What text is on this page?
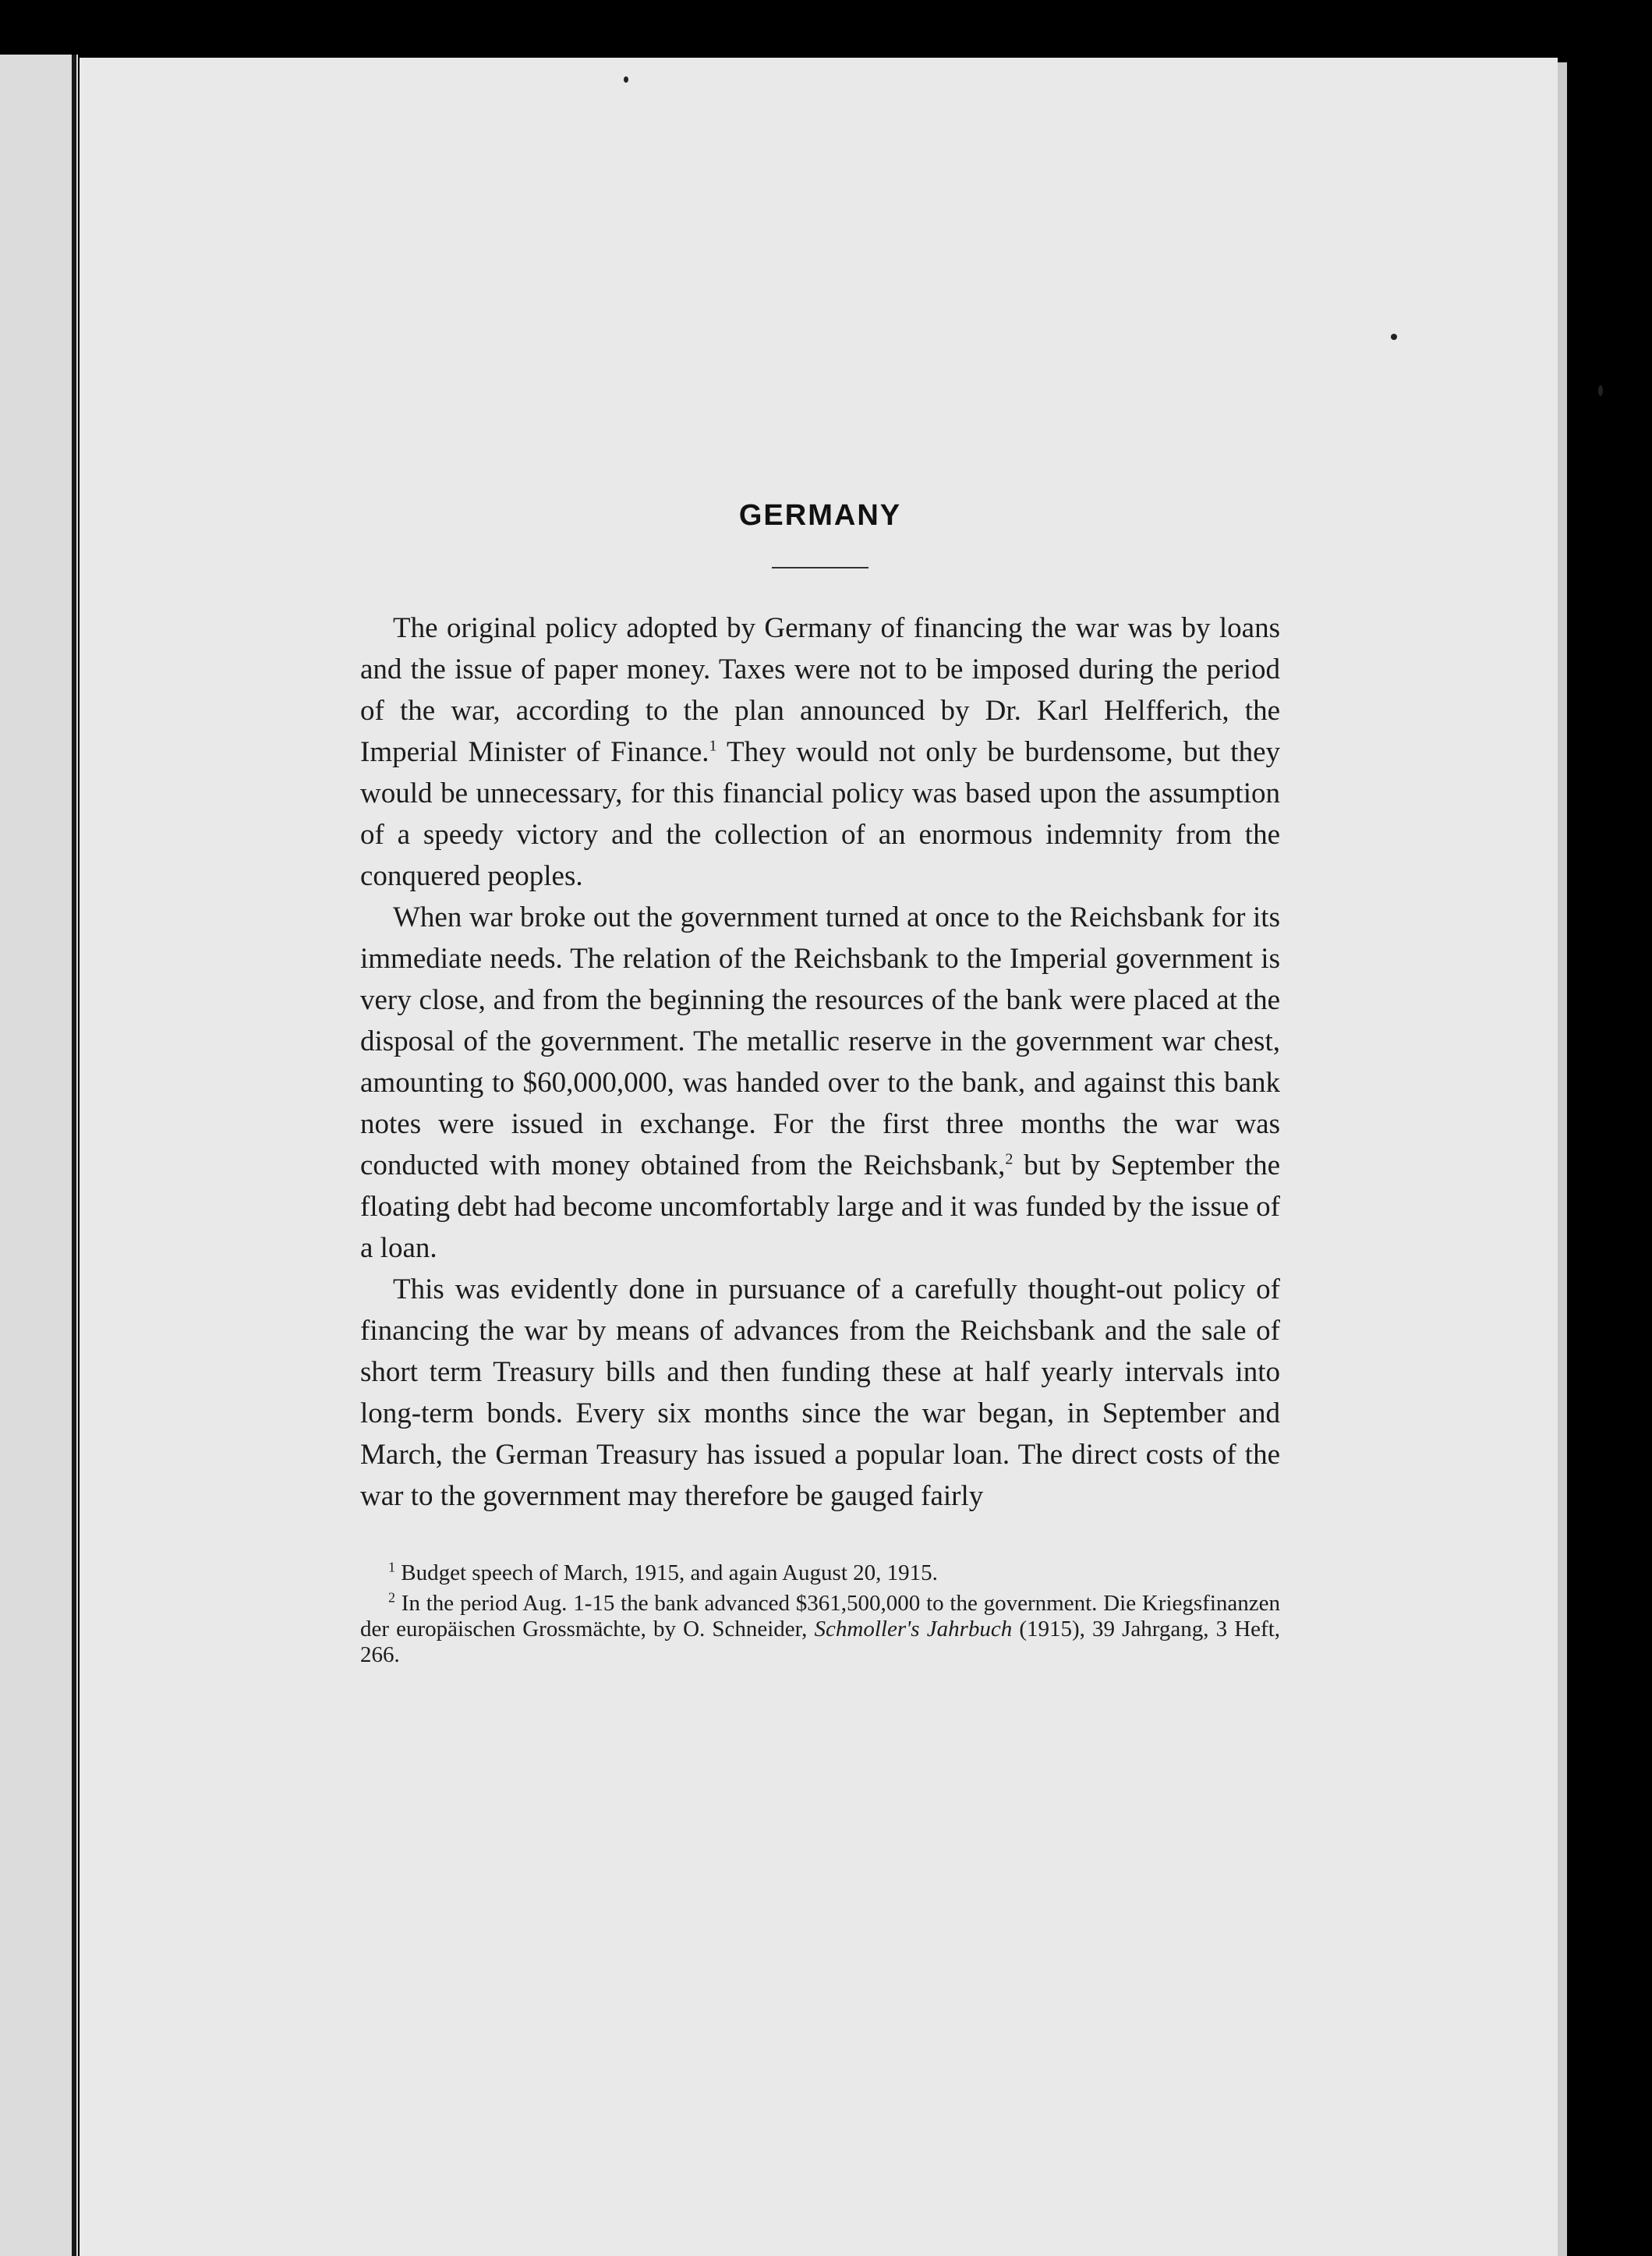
GERMANY

The original policy adopted by Germany of financing the war was by loans and the issue of paper money. Taxes were not to be imposed during the period of the war, according to the plan announced by Dr. Karl Helfferich, the Imperial Minister of Finance.$^1$ They would not only be burdensome, but they would be unnecessary, for this financial policy was based upon the assumption of a speedy victory and the collection of an enormous indemnity from the conquered peoples.

When war broke out the government turned at once to the Reichsbank for its immediate needs. The relation of the Reichsbank to the Imperial government is very close, and from the beginning the resources of the bank were placed at the disposal of the government. The metallic reserve in the government war chest, amounting to $60,000,000, was handed over to the bank, and against this bank notes were issued in exchange. For the first three months the war was conducted with money obtained from the Reichsbank,$^2$ but by September the floating debt had become uncomfortably large and it was funded by the issue of a loan.

This was evidently done in pursuance of a carefully thought-out policy of financing the war by means of advances from the Reichsbank and the sale of short term Treasury bills and then funding these at half yearly intervals into long-term bonds. Every six months since the war began, in September and March, the German Treasury has issued a popular loan. The direct costs of the war to the government may therefore be gauged fairly

$^1$ Budget speech of March, 1915, and again August 20, 1915.

$^2$ In the period Aug. 1-15 the bank advanced $361,500,000 to the government. Die Kriegsfinanzen der europäischen Grossmächte, by O. Schneider, Schmoller's Jahrbuch (1915), 39 Jahrgang, 3 Heft, 266.
